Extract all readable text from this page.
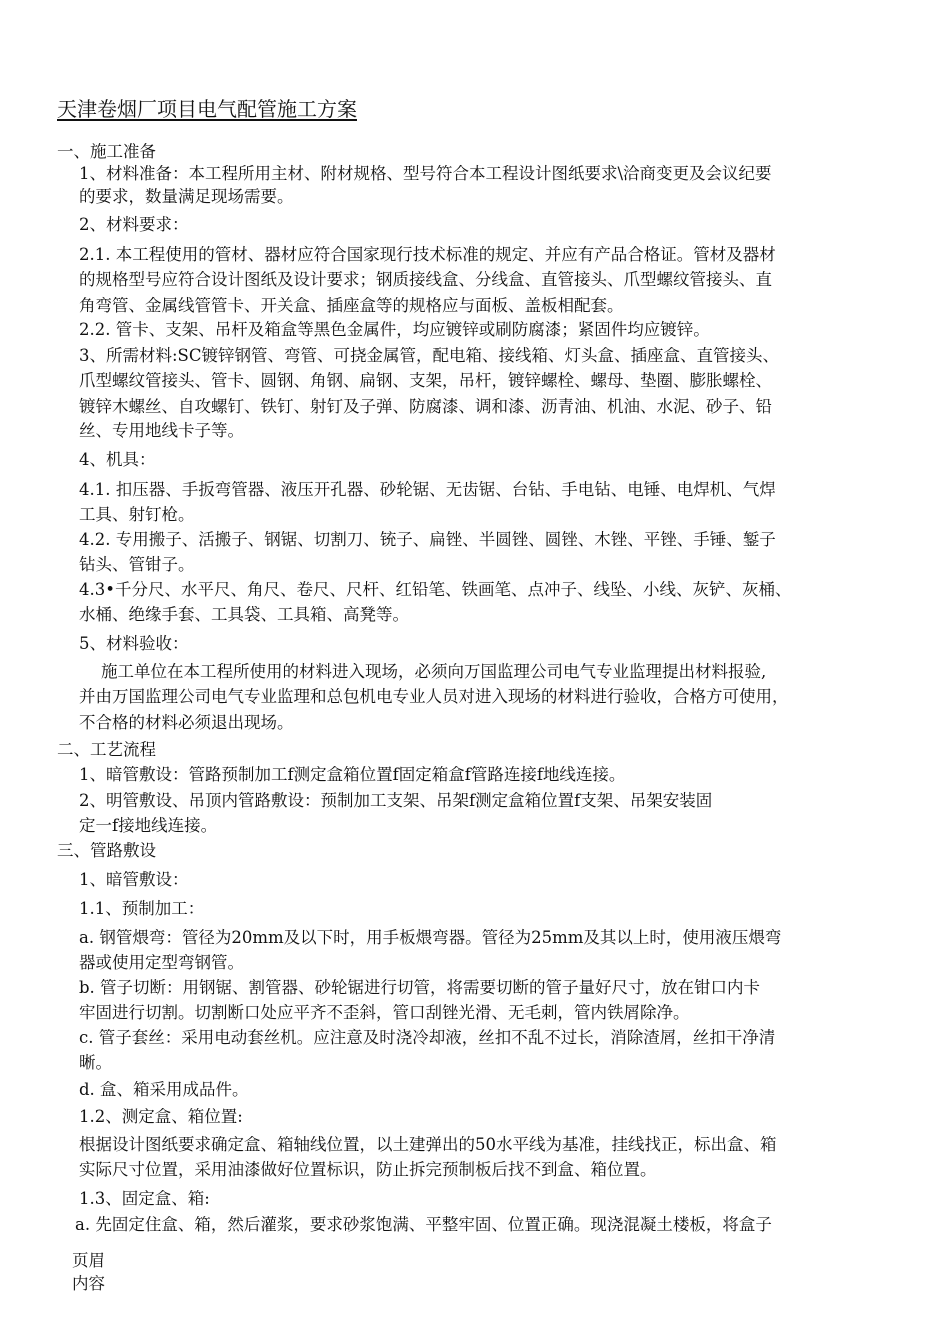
天津卷烟厂项目电气配管施工方案
一、施工准备
1、材料准备：本工程所用主材、附材规格、型号符合本工程设计图纸要求\洽商变更及会议纪要
的要求，数量满足现场需要。
2、材料要求：
2.1. 本工程使用的管材、器材应符合国家现行技术标准的规定、并应有产品合格证。管材及器材
的规格型号应符合设计图纸及设计要求；钢质接线盒、分线盒、直管接头、爪型螺纹管接头、直
角弯管、金属线管管卡、开关盒、插座盒等的规格应与面板、盖板相配套。
2.2. 管卡、支架、吊杆及箱盒等黑色金属件，均应镀锌或刷防腐漆；紧固件均应镀锌。
3、所需材料:SC镀锌钢管、弯管、可挠金属管，配电箱、接线箱、灯头盒、插座盒、直管接头、
爪型螺纹管接头、管卡、圆钢、角钢、扁钢、支架，吊杆，镀锌螺栓、螺母、垫圈、膨胀螺栓、
镀锌木螺丝、自攻螺钉、铁钉、射钉及子弹、防腐漆、调和漆、沥青油、机油、水泥、砂子、铅
丝、专用地线卡子等。
4、机具：
4.1. 扣压器、手扳弯管器、液压开孔器、砂轮锯、无齿锯、台钻、手电钻、电锤、电焊机、气焊
工具、射钉枪。
4.2. 专用搬子、活搬子、钢锯、切割刀、铳子、扁锉、半圆锉、圆锉、木锉、平锉、手锤、錾子
钻头、管钳子。
4.3•千分尺、水平尺、角尺、卷尺、尺杆、红铅笔、铁画笔、点冲子、线坠、小线、灰铲、灰桶、
水桶、绝缘手套、工具袋、工具箱、高凳等。
5、材料验收：
施工单位在本工程所使用的材料进入现场，必须向万国监理公司电气专业监理提出材料报验,
并由万国监理公司电气专业监理和总包机电专业人员对进入现场的材料进行验收，合格方可使用，
不合格的材料必须退出现场。
二、工艺流程
1、暗管敷设：管路预制加工f测定盒箱位置f固定箱盒f管路连接f地线连接。
2、明管敷设、吊顶内管路敷设：预制加工支架、吊架f测定盒箱位置f支架、吊架安装固
定一f接地线连接。
三、管路敷设
1、暗管敷设：
1.1、预制加工：
a. 钢管煨弯：管径为20mm及以下时，用手板煨弯器。管径为25mm及其以上时，使用液压煨弯
器或使用定型弯钢管。
b. 管子切断：用钢锯、割管器、砂轮锯进行切管，将需要切断的管子量好尺寸，放在钳口内卡
牢固进行切割。切割断口处应平齐不歪斜，管口刮锉光滑、无毛刺，管内铁屑除净。
c. 管子套丝：采用电动套丝机。应注意及时浇冷却液，丝扣不乱不过长，消除渣屑，丝扣干净清
晰。
d. 盒、箱采用成品件。
1.2、测定盒、箱位置:
根据设计图纸要求确定盒、箱轴线位置，以土建弹出的50水平线为基准，挂线找正，标出盒、箱
实际尺寸位置，采用油漆做好位置标识，防止拆完预制板后找不到盒、箱位置。
1.3、固定盒、箱:
a. 先固定住盒、箱，然后灌浆，要求砂浆饱满、平整牢固、位置正确。现浇混凝土楼板，将盒子
页眉
内容
